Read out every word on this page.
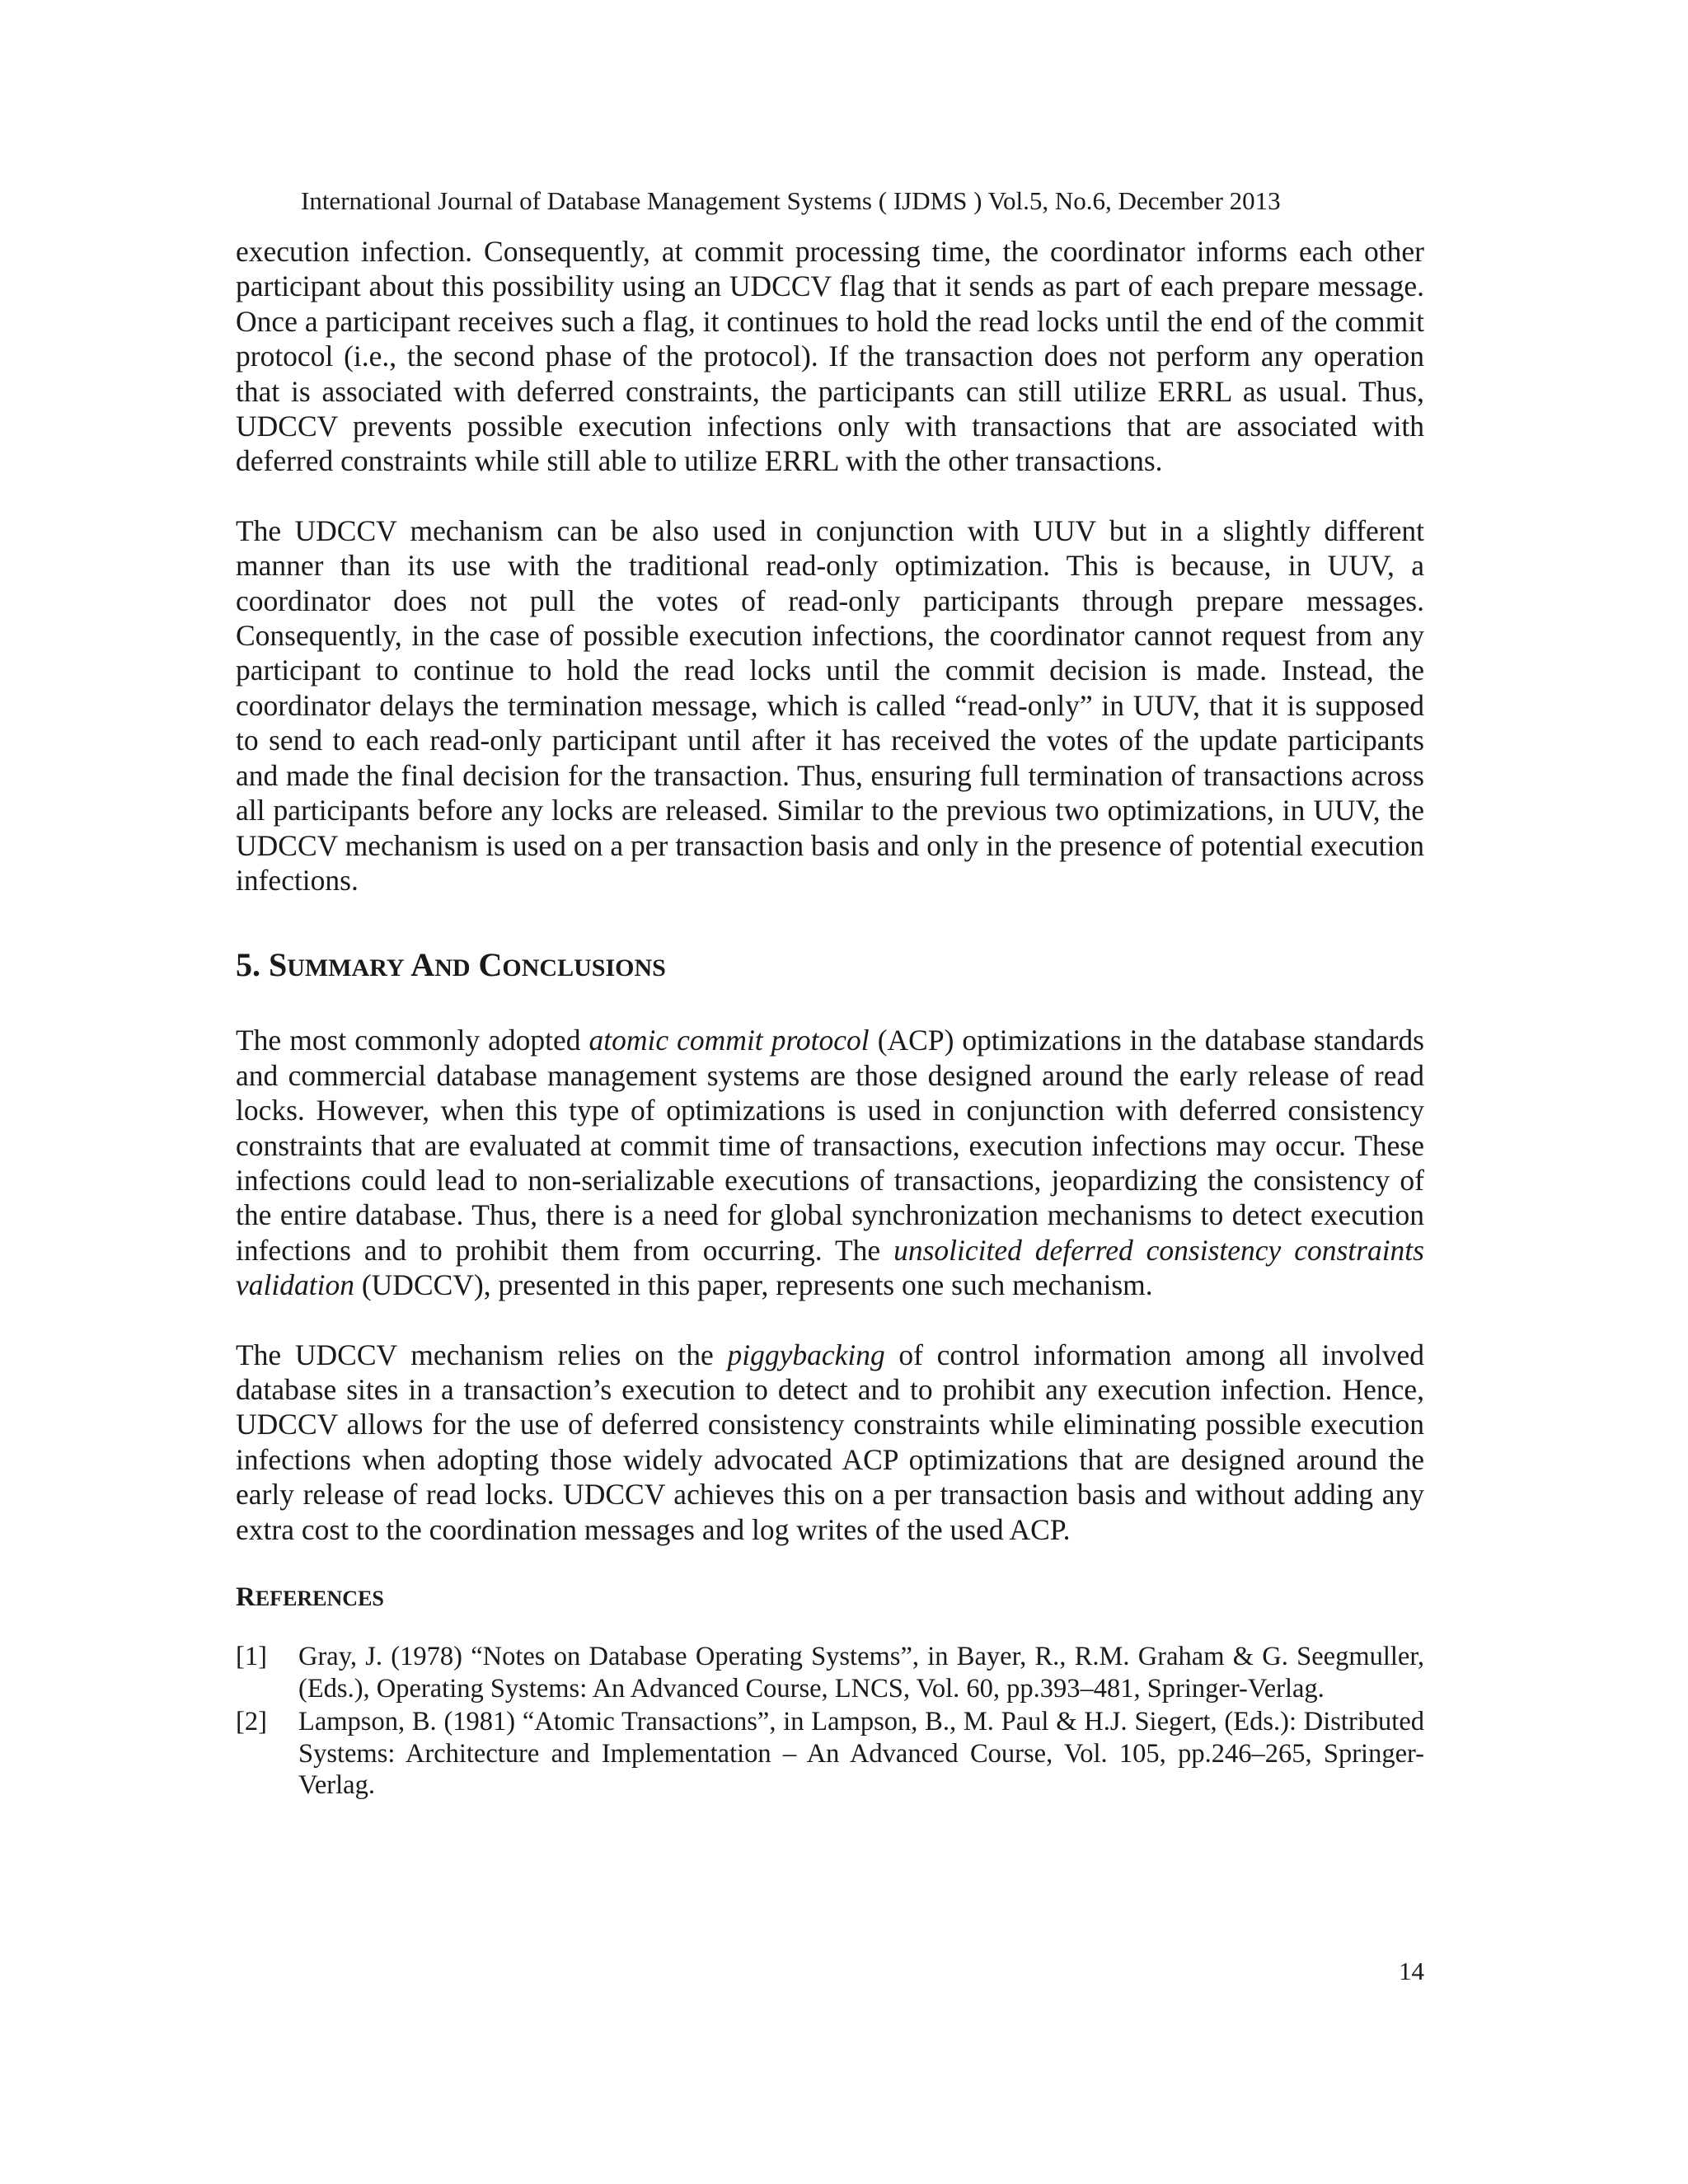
International Journal of Database Management Systems ( IJDMS ) Vol.5, No.6, December 2013

execution infection. Consequently, at commit processing time, the coordinator informs each other participant about this possibility using an UDCCV flag that it sends as part of each prepare message. Once a participant receives such a flag, it continues to hold the read locks until the end of the commit protocol (i.e., the second phase of the protocol). If the transaction does not perform any operation that is associated with deferred constraints, the participants can still utilize ERRL as usual. Thus, UDCCV prevents possible execution infections only with transactions that are associated with deferred constraints while still able to utilize ERRL with the other transactions.

The UDCCV mechanism can be also used in conjunction with UUV but in a slightly different manner than its use with the traditional read-only optimization. This is because, in UUV, a coordinator does not pull the votes of read-only participants through prepare messages. Consequently, in the case of possible execution infections, the coordinator cannot request from any participant to continue to hold the read locks until the commit decision is made. Instead, the coordinator delays the termination message, which is called “read-only” in UUV, that it is supposed to send to each read-only participant until after it has received the votes of the update participants and made the final decision for the transaction. Thus, ensuring full termination of transactions across all participants before any locks are released. Similar to the previous two optimizations, in UUV, the UDCCV mechanism is used on a per transaction basis and only in the presence of potential execution infections.

5. SUMMARY AND CONCLUSIONS

The most commonly adopted atomic commit protocol (ACP) optimizations in the database standards and commercial database management systems are those designed around the early release of read locks. However, when this type of optimizations is used in conjunction with deferred consistency constraints that are evaluated at commit time of transactions, execution infections may occur. These infections could lead to non-serializable executions of transactions, jeopardizing the consistency of the entire database. Thus, there is a need for global synchronization mechanisms to detect execution infections and to prohibit them from occurring. The unsolicited deferred consistency constraints validation (UDCCV), presented in this paper, represents one such mechanism.

The UDCCV mechanism relies on the piggybacking of control information among all involved database sites in a transaction’s execution to detect and to prohibit any execution infection. Hence, UDCCV allows for the use of deferred consistency constraints while eliminating possible execution infections when adopting those widely advocated ACP optimizations that are designed around the early release of read locks. UDCCV achieves this on a per transaction basis and without adding any extra cost to the coordination messages and log writes of the used ACP.

REFERENCES
[1]	Gray, J. (1978) “Notes on Database Operating Systems”, in Bayer, R., R.M. Graham & G. Seegmuller, (Eds.), Operating Systems: An Advanced Course, LNCS, Vol. 60, pp.393–481, Springer-Verlag.
[2]	Lampson, B. (1981) “Atomic Transactions”, in Lampson, B., M. Paul & H.J. Siegert, (Eds.): Distributed Systems: Architecture and Implementation – An Advanced Course, Vol. 105, pp.246–265, Springer-Verlag.
14
